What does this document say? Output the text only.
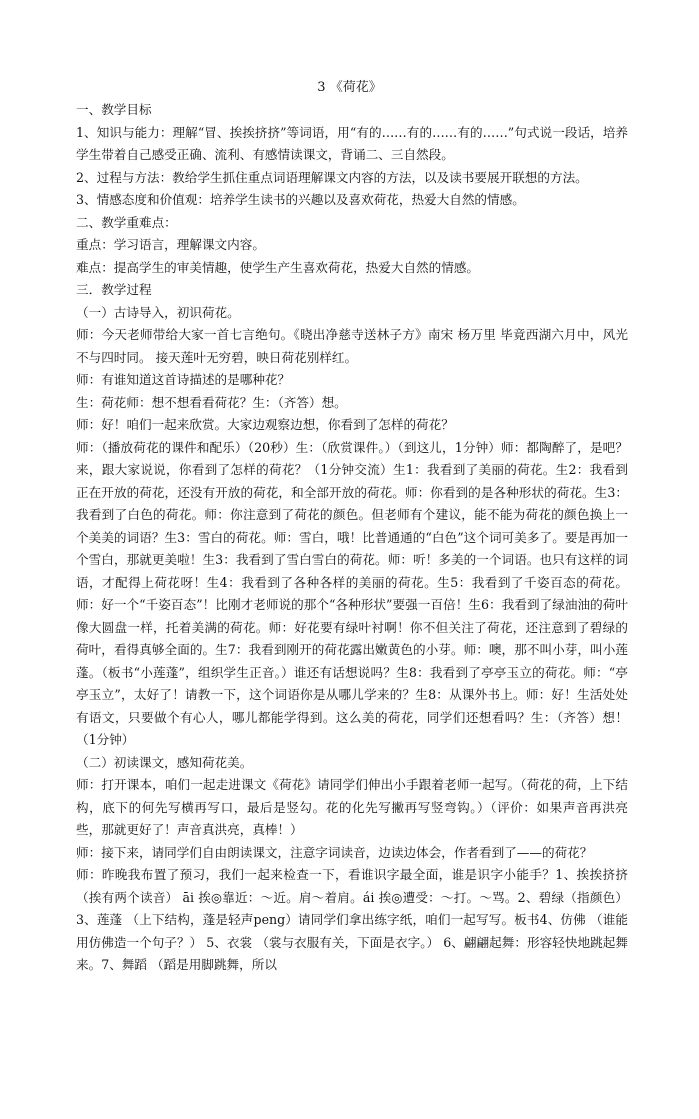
3 《荷花》

一、教学目标

1、知识与能力：理解“冒、挨挨挤挤”等词语，用“有的……有的……有的……”句式说一段话，培养学生带着自己感受正确、流利、有感情读课文，背诵二、三自然段。

2、过程与方法：教给学生抓住重点词语理解课文内容的方法，以及读书要展开联想的方法。

3、情感态度和价值观：培养学生读书的兴趣以及喜欢荷花，热爱大自然的情感。

二、教学重难点：

重点：学习语言，理解课文内容。

难点：提高学生的审美情趣，使学生产生喜欢荷花，热爱大自然的情感。

三．教学过程

（一）古诗导入，初识荷花。

师：今天老师带给大家一首七言绝句。《晓出净慈寺送林子方》南宋 杨万里 毕竟西湖六月中，风光不与四时同。 接天莲叶无穷碧，映日荷花别样红。

师：有谁知道这首诗描述的是哪种花？

生：荷花师：想不想看看荷花？生：（齐答）想。

师：好！咱们一起来欣赏。大家边观察边想，你看到了怎样的荷花？

师：（播放荷花的课件和配乐）（20秒）生：（欣赏课件。）（到这儿，1分钟）师：都陶醉了，是吧？来，跟大家说说，你看到了怎样的荷花？（1分钟交流）生1：我看到了美丽的荷花。生2：我看到正在开放的荷花，还没有开放的荷花，和全部开放的荷花。师：你看到的是各种形状的荷花。生3：我看到了白色的荷花。师：你注意到了荷花的颜色。但老师有个建议，能不能为荷花的颜色换上一个美美的词语？生3：雪白的荷花。师：雪白，哦！比普通通的“白色”这个词可美多了。要是再加一个雪白，那就更美啦！生3：我看到了雪白雪白的荷花。师：听！多美的一个词语。也只有这样的词语，才配得上荷花呀！生4：我看到了各种各样的美丽的荷花。生5：我看到了千姿百态的荷花。师：好一个“千姿百态”！比刚才老师说的那个“各种形状”要强一百倍！生6：我看到了绿油油的荷叶像大圆盘一样，托着美满的荷花。师：好花要有绿叶衬啊！你不但关注了荷花，还注意到了碧绿的荷叶，看得真够全面的。生7：我看到刚开的荷花露出嫩黄色的小芽。师：噢，那不叫小芽，叫小莲蓬。（板书“小莲蓬”，组织学生正音。）谁还有话想说吗？生8：我看到了亭亭玉立的荷花。师：“亭亭玉立”，太好了！请教一下，这个词语你是从哪儿学来的？生8：从课外书上。师：好！生活处处有语文，只要做个有心人，哪儿都能学得到。这么美的荷花，同学们还想看吗？生：（齐答）想！（1分钟）

（二）初读课文，感知荷花美。

师：打开课本，咱们一起走进课文《荷花》请同学们伸出小手跟着老师一起写。（荷花的荷，上下结构，底下的何先写横再写口，最后是竖勾。花的化先写撇再写竖弯钩。）（评价：如果声音再洪亮些，那就更好了！声音真洪亮，真棒！）

师：接下来，请同学们自由朗读课文，注意字词读音，边读边体会，作者看到了——的荷花？

师：昨晚我布置了预习，我们一起来检查一下，看谁识字最全面，谁是识字小能手？1、挨挨挤挤（挨有两个读音） āi 挨◎靠近：～近。肩～着肩。ái 挨◎遭受：～打。～骂。2、碧绿（指颜色） 3、莲蓬 （上下结构，蓬是轻声peng）请同学们拿出练字纸，咱们一起写写。板书4、仿佛 （谁能用仿佛造一个句子？） 5、衣裳 （裳与衣服有关，下面是衣字。） 6、翩翩起舞：形容轻快地跳起舞来。7、舞蹈 （蹈是用脚跳舞，所以
